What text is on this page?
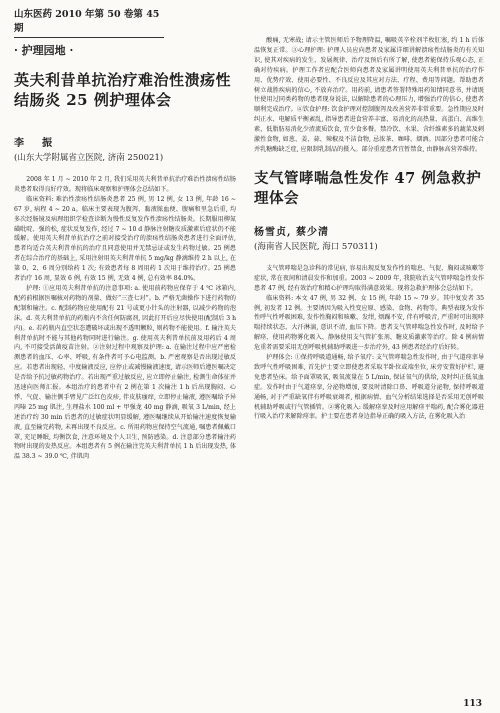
山东医药 2010 年第 50 卷第 45 期
· 护理园地 ·
英夫利昔单抗治疗难治性溃疡性结肠炎 25 例护理体会
李　振
(山东大学附属省立医院, 济南 250021)

2008 年 1 月 ~ 2010 年 2 月, 我们采用英夫利昔单抗治疗难治性溃疡性结肠炎患者取得良好疗效。现将临床观察和护理体会总结如下。

临床资料: 难治性溃疡性结肠炎患者 25 例, 男 12 例, 女 13 例, 年龄 16 ~ 67 岁, 病程 4 ~ 20 a。临床主要表现为腹泻、黏液脓血便、腹痛和里急后重, 均多次经肠镜及病理组织学检查诊断为慢性反复发作性溃疡性结肠炎。长期服用柳氮磺吡啶、强的松, 症状反复发作, 经过 7 ~ 10 d 静脉注射糖皮质激素后症状仍不能缓解。使用英夫利昔单抗治疗之前对接受治疗的溃疡性结肠炎患者进行全面评估, 患者均适合英夫利昔单抗的治疗且同意使用并无禁忌证或发生药物过敏。25 例患者在综合治疗的基础上, 采用注射用英夫利昔单抗 5 mg/kg 静滴维持 2 h 以上, 在第 0、2、6 周分别给药 1 次; 有效患者每 8 周用药 1 次用于维持治疗。25 例患者治疗 16 周, 显效 6 例, 有效 15 例, 无效 4 例, 总有效率 84.0%。

护理: ①应用英夫利昔单抗的注意事项: a. 使用前药物应保存于 4 ℃ 冰箱内, 配药前根据医嘱核对药物的剂量、做好“三查七对”。b. 严格无菌操作下进行药物的配制和输注。c. 配制药物应使用配有 21 号或更小针头的注射器, 以减少药物的泡沫。d. 英夫利昔单抗的药瓶内不含任何防腐剂, 因此打开后应尽快使用(配制后 3 h 内)。e. 若药瓶内直空状态遭破坏或出现不透明颗粒, 则药物不能使用。f. 输注英夫利昔单抗时不能与其他药物同时进行输注。g. 使用英夫利昔单抗前及用药后 4 周内, 不可接受活菌疫苗注射。②注射过程中观察及护理: a. 在输注过程中应严密检测患者的血压、心率、呼吸, 有条件者可予心电监测。b. 严密观察是否出现过敏反应。若患者出现轻、中度输液反应, 应停止或减慢输液速度, 请示医师后遵医嘱决定是否给予抗过敏药物治疗。若出现严重过敏反应, 应立即停止输注, 检测生命体征并迅速向医师汇报。本组治疗的患者中有 2 例在第 1 次输注 1 h 后出现胸闷、心悸、气促、输注侧手臂见广泛红色皮疹, 伴皮肤瘙痒, 立即停止输液, 遵医嘱给予异丙嗪 25 mg 肌注, 生理盐水 100 ml + 甲强龙 40 mg 静滴, 吸氧 3 L/min, 经上述治疗约 30 min 后患者的过敏症状明显缓解, 遵医嘱继续从开始输注速度恢复输液, 直至输完药物, 未再出现不良反应。c. 所用药物应保持空气流通, 嘱患者佩戴口罩, 充足睡眠, 均衡饮食, 注意环境及个人卫生, 预防感染。d. 注意部分患者输注药物时出现的发热反应。本组患者有 5 例在输注完英夫利昔单抗 1 h 后出现发热, 体温 38.3 ~ 39.0 ℃, 伴肌肉

酸痛, 无寒战; 请示主管医师后予物理降温, 嘱吸英辛栓剂半枚肛塞, 约 1 h 后体温恢复正常。③心理护理: 护理人员应向患者及家属详细讲解溃疡性结肠炎的有关知识, 使其对疾病的发生、发展规律、治疗及预后有所了解, 使患者能保持乐观心态, 正确对待疾病。护理工作者应配合医师向患者及家属讲明使用英夫利昔单抗的治疗作用、优势疗效、使用必要性、不良反应及其应对方法、疗程、费用等问题。帮助患者树立战胜疾病的信心, 不放弃治疗。用药前, 请患者签署特殊用药知情同意书, 并请既往使用过同类药物的患者现身说法, 以解除患者的心理压力, 增强治疗的信心, 使患者顺利完成治疗。④饮食护理: 饮食护理对控制腹泻及改善营养非常重要。急性期应及时纠正水、电解质平衡紊乱, 指导患者进食营养丰富、易消化的高热量、高蛋白、高维生素、低脂肪易消化少渣流质饮食, 宜少食多餐。禁冷饮、水果、含纤维素多的蔬菜及刺激性食物, 如葱、姜、蒜、辣椒及不洁食物, 忌浓茶、咖啡、烟酒。因部分患者可能合并乳糖酶缺乏症, 应限制乳制品的摄入。部分重症患者宜暂禁食, 由静脉高营养维持。

支气管哮喘急性发作 47 例急救护理体会
杨雪贞, 蔡少清
(海南省人民医院, 海口 570311)

支气管哮喘是急诊科的常见病, 容易出现反复发作性的喘息、气促、胸闷或咳嗽等症状, 常在夜间和清晨发作和加重。2003 ~ 2009 年, 我院收治支气管哮喘急性发作患者 47 例, 经有效治疗和精心护理均取得满意效果。现将急救护理体会总结如下。

临床资料: 本文 47 例, 男 32 例、女 15 例, 年龄 15 ~ 79 岁。其中复发者 35 例, 初发者 12 例。主要诱因为吸入性变应原、感染、食物、药物等。典型表现为发作性呼气性呼吸困难, 发作性胸闷和咳嗽、发绀, 烦躁不安, 伴有呼吸音, 严重时可出现哮喘持续状态、大汗淋漓, 意识不清, 血压下降。患者支气管哮喘急性发作时, 及时给予解痉、使用药物雾化吸入、静脉使用支气管扩张剂、糖皮质激素等治疗。除 4 例病情危重者需要采用无创呼吸机辅助呼吸进一步治疗外, 43 例患者经治疗后好转。

护理体会: ①保持呼吸道通畅, 给予氧疗: 支气管哮喘急性发作时, 由于气道痉挛导致呼气性呼吸困难, 首先护士要立即使患者采取半卧位或端坐位, 床旁安置好护栏, 避免患者坠床。给予面罩吸氧, 吸氧流量在 5 L/min, 保证氧气的供给, 及时纠正低氧血症。发作时由于气道痉挛, 分泌物增加, 要及时清除口鼻、呼吸道分泌物, 保持呼吸道通畅, 对于严重缺氧伴有呼吸衰竭者, 根据病情、血气分析结果选择是否采用无创呼吸机辅助呼吸或行气管插管。②雾化吸入: 缓解痉挛及时应用解痉平喘药, 配合雾化器进行吸入治疗来解除痉挛。护士要在患者身边指导正确的吸入方法, 在雾化吸入治

113
